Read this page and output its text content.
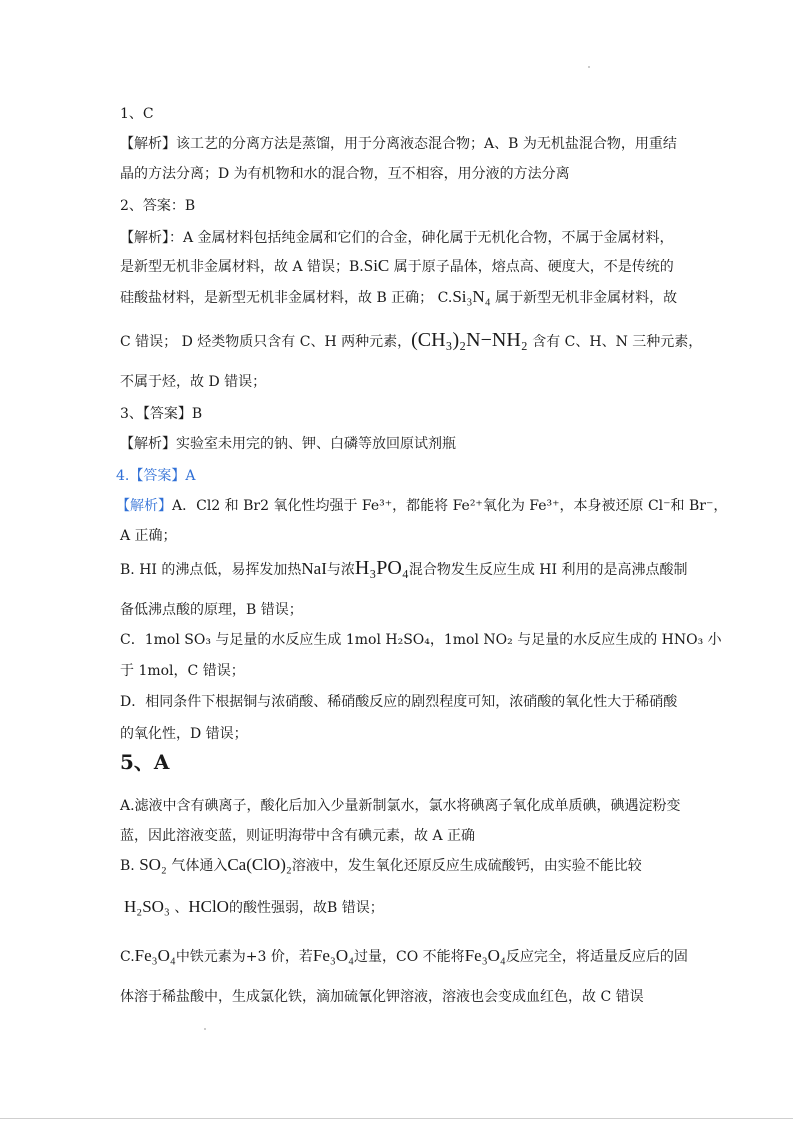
1、C
【解析】该工艺的分离方法是蒸馏，用于分离液态混合物；A、B 为无机盐混合物，用重结
晶的方法分离；D 为有机物和水的混合物，互不相容，用分液的方法分离
2、答案：B
【解析】：A 金属材料包括纯金属和它们的合金，砷化属于无机化合物，不属于金属材料，
是新型无机非金属材料，故 A 错误；B.SiC 属于原子晶体，熔点高、硬度大，不是传统的
硅酸盐材料，是新型无机非金属材料，故 B 正确； C.Si₃N₄ 属于新型无机非金属材料，故
C 错误； D 烃类物质只含有 C、H 两种元素，(CH₃)₂N−NH₂ 含有 C、H、N 三种元素，
不属于烃，故 D 错误；
3、【答案】B
【解析】实验室未用完的钠、钾、白磷等放回原试剂瓶
4.【答案】A
【解析】A．Cl2 和 Br2 氧化性均强于 Fe³⁺，都能将 Fe²⁺氧化为 Fe³⁺，本身被还原 Cl⁻和 Br⁻，
A 正确；
B. HI 的沸点低，易挥发加热NaI与浓H₃PO₄混合物发生反应生成 HI 利用的是高沸点酸制
备低沸点酸的原理，B 错误；
C．1mol SO₃ 与足量的水反应生成 1mol H₂SO₄，1mol NO₂ 与足量的水反应生成的 HNO₃ 小
于 1mol，C 错误；
D．相同条件下根据铜与浓硝酸、稀硝酸反应的剧烈程度可知，浓硝酸的氧化性大于稀硝酸
的氧化性，D 错误；
5、A
A.滤液中含有碘离子，酸化后加入少量新制氯水，氯水将碘离子氧化成单质碘，碘遇淀粉变
蓝，因此溶液变蓝，则证明海带中含有碘元素，故 A 正确
B. SO₂ 气体通入Ca(ClO)₂溶液中，发生氧化还原反应生成硫酸钙，由实验不能比较
H₂SO₃ 、HClO的酸性强弱，故B 错误；
C.Fe₃O₄中铁元素为+3 价，若Fe₃O₄过量，CO 不能将Fe₃O₄反应完全，将适量反应后的固
体溶于稀盐酸中，生成氯化铁，滴加硫氰化钾溶液，溶液也会变成血红色，故 C 错误
